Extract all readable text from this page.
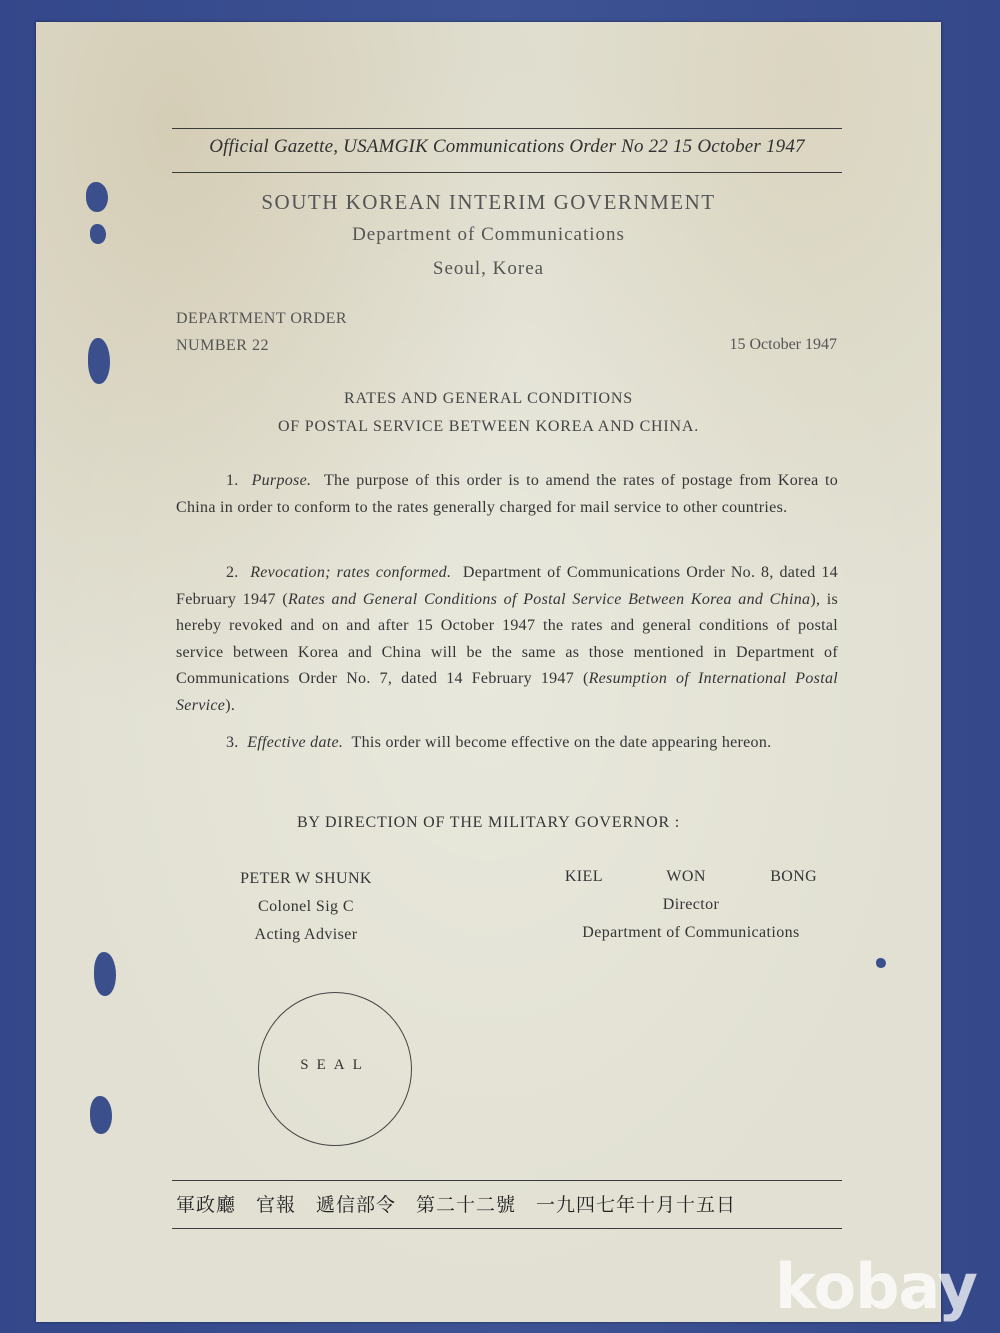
Official Gazette, USAMGIK Communications Order No 22 15 October 1947
SOUTH KOREAN INTERIM GOVERNMENT
Department of Communications
Seoul, Korea
DEPARTMENT ORDER
NUMBER 22	15 October 1947
RATES AND GENERAL CONDITIONS
OF POSTAL SERVICE BETWEEN KOREA AND CHINA.
1. Purpose. The purpose of this order is to amend the rates of postage from Korea to China in order to conform to the rates generally charged for mail service to other countries.
2. Revocation; rates conformed. Department of Communications Order No. 8, dated 14 February 1947 (Rates and General Conditions of Postal Service Between Korea and China), is hereby revoked and on and after 15 October 1947 the rates and general conditions of postal service between Korea and China will be the same as those mentioned in Department of Communications Order No. 7, dated 14 February 1947 (Resumption of International Postal Service).
3. Effective date. This order will become effective on the date appearing hereon.
BY DIRECTION OF THE MILITARY GOVERNOR :
PETER W SHUNK
Colonel Sig C
Acting Adviser
KIEL WON BONG
Director
Department of Communications
SEAL
軍政廳　官報　遞信部令　第二十二號　一九四七年十月十五日
kobay
